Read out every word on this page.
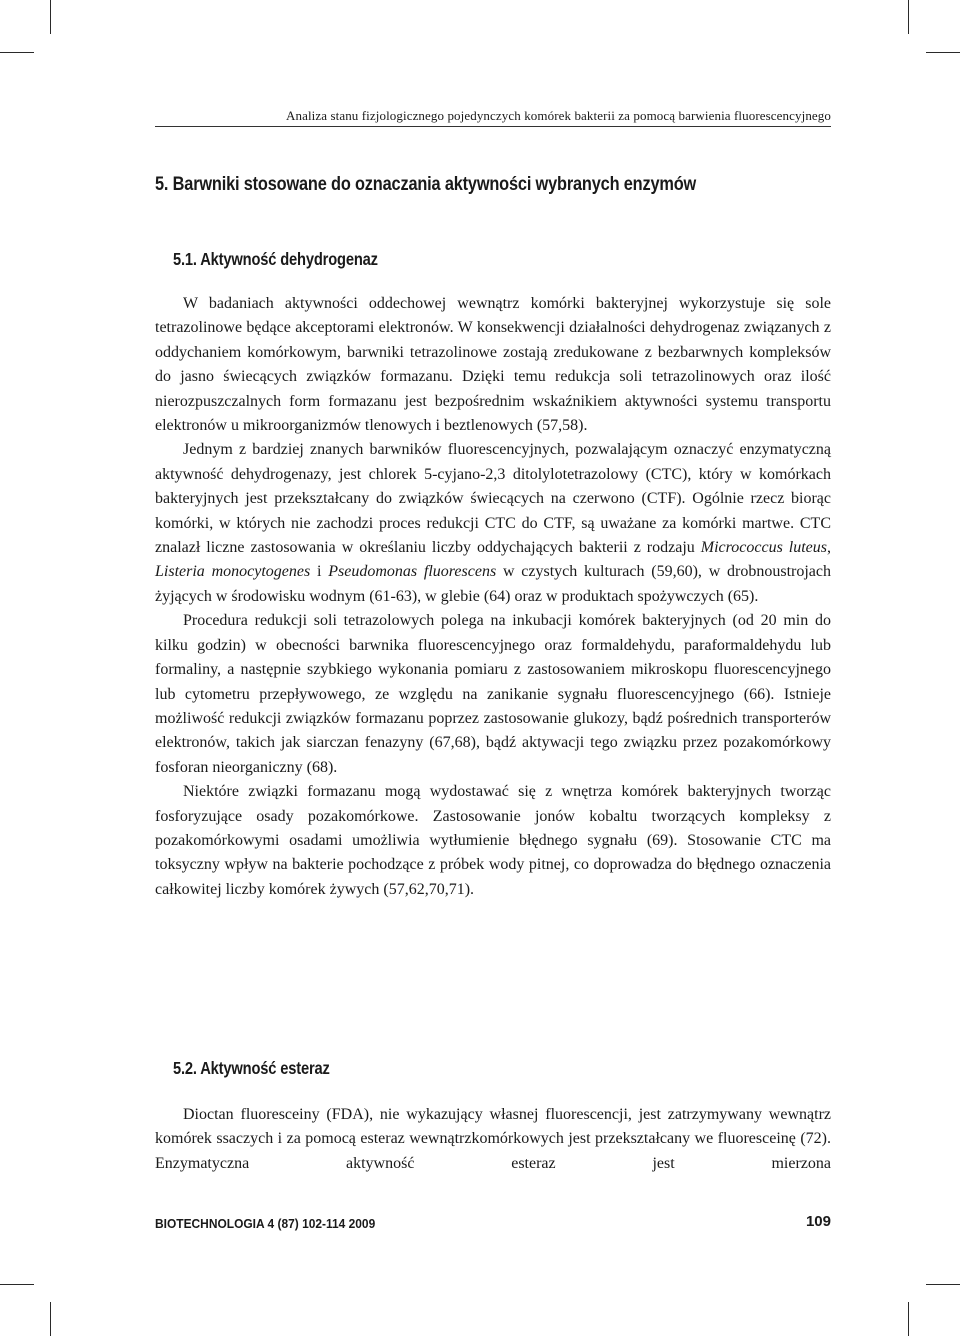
Analiza stanu fizjologicznego pojedynczych komórek bakterii za pomocą barwienia fluorescencyjnego
5. Barwniki stosowane do oznaczania aktywności wybranych enzymów
5.1. Aktywność dehydrogenaz

W badaniach aktywności oddechowej wewnątrz komórki bakteryjnej wykorzystuje się sole tetrazolinowe będące akceptorami elektronów. W konsekwencji działalności dehydrogenaz związanych z oddychaniem komórkowym, barwniki tetrazolinowe zostają zredukowane z bezbarwnych kompleksów do jasno świecących związków formazanu. Dzięki temu redukcja soli tetrazolinowych oraz ilość nierozpuszczalnych form formazanu jest bezpośrednim wskaźnikiem aktywności systemu transportu elektronów u mikroorganizmów tlenowych i beztlenowych (57,58).

Jednym z bardziej znanych barwników fluorescencyjnych, pozwalającym oznaczyć enzymatyczną aktywność dehydrogenazy, jest chlorek 5-cyjano-2,3 ditolylotetrazolowy (CTC), który w komórkach bakteryjnych jest przekształcany do związków świecących na czerwono (CTF). Ogólnie rzecz biorąc komórki, w których nie zachodzi proces redukcji CTC do CTF, są uważane za komórki martwe. CTC znalazł liczne zastosowania w określaniu liczby oddychających bakterii z rodzaju Micrococcus luteus, Listeria monocytogenes i Pseudomonas fluorescens w czystych kulturach (59,60), w drobnoustrojach żyjących w środowisku wodnym (61-63), w glebie (64) oraz w produktach spożywczych (65).

Procedura redukcji soli tetrazolowych polega na inkubacji komórek bakteryjnych (od 20 min do kilku godzin) w obecności barwnika fluorescencyjnego oraz formaldehydu, paraformaldehydu lub formaliny, a następnie szybkiego wykonania pomiaru z zastosowaniem mikroskopu fluorescencyjnego lub cytometru przepływowego, ze względu na zanikanie sygnału fluorescencyjnego (66). Istnieje możliwość redukcji związków formazanu poprzez zastosowanie glukozy, bądź pośrednich transporterów elektronów, takich jak siarczan fenazyny (67,68), bądź aktywacji tego związku przez pozakomórkowy fosforan nieorganiczny (68).

Niektóre związki formazanu mogą wydostawać się z wnętrza komórek bakteryjnych tworząc fosforyzujące osady pozakomórkowe. Zastosowanie jonów kobaltu tworzących kompleksy z pozakomórkowymi osadami umożliwia wytłumienie błędnego sygnału (69). Stosowanie CTC ma toksyczny wpływ na bakterie pochodzące z próbek wody pitnej, co doprowadza do błędnego oznaczenia całkowitej liczby komórek żywych (57,62,70,71).

5.2. Aktywność esteraz

Dioctan fluoresceiny (FDA), nie wykazujący własnej fluorescencji, jest zatrzymywany wewnątrz komórek ssaczych i za pomocą esteraz wewnątrzkomórkowych jest przekształcany we fluoresceinę (72). Enzymatyczna aktywność esteraz jest mierzona

BIOTECHNOLOGIA 4 (87) 102-114 2009	109
